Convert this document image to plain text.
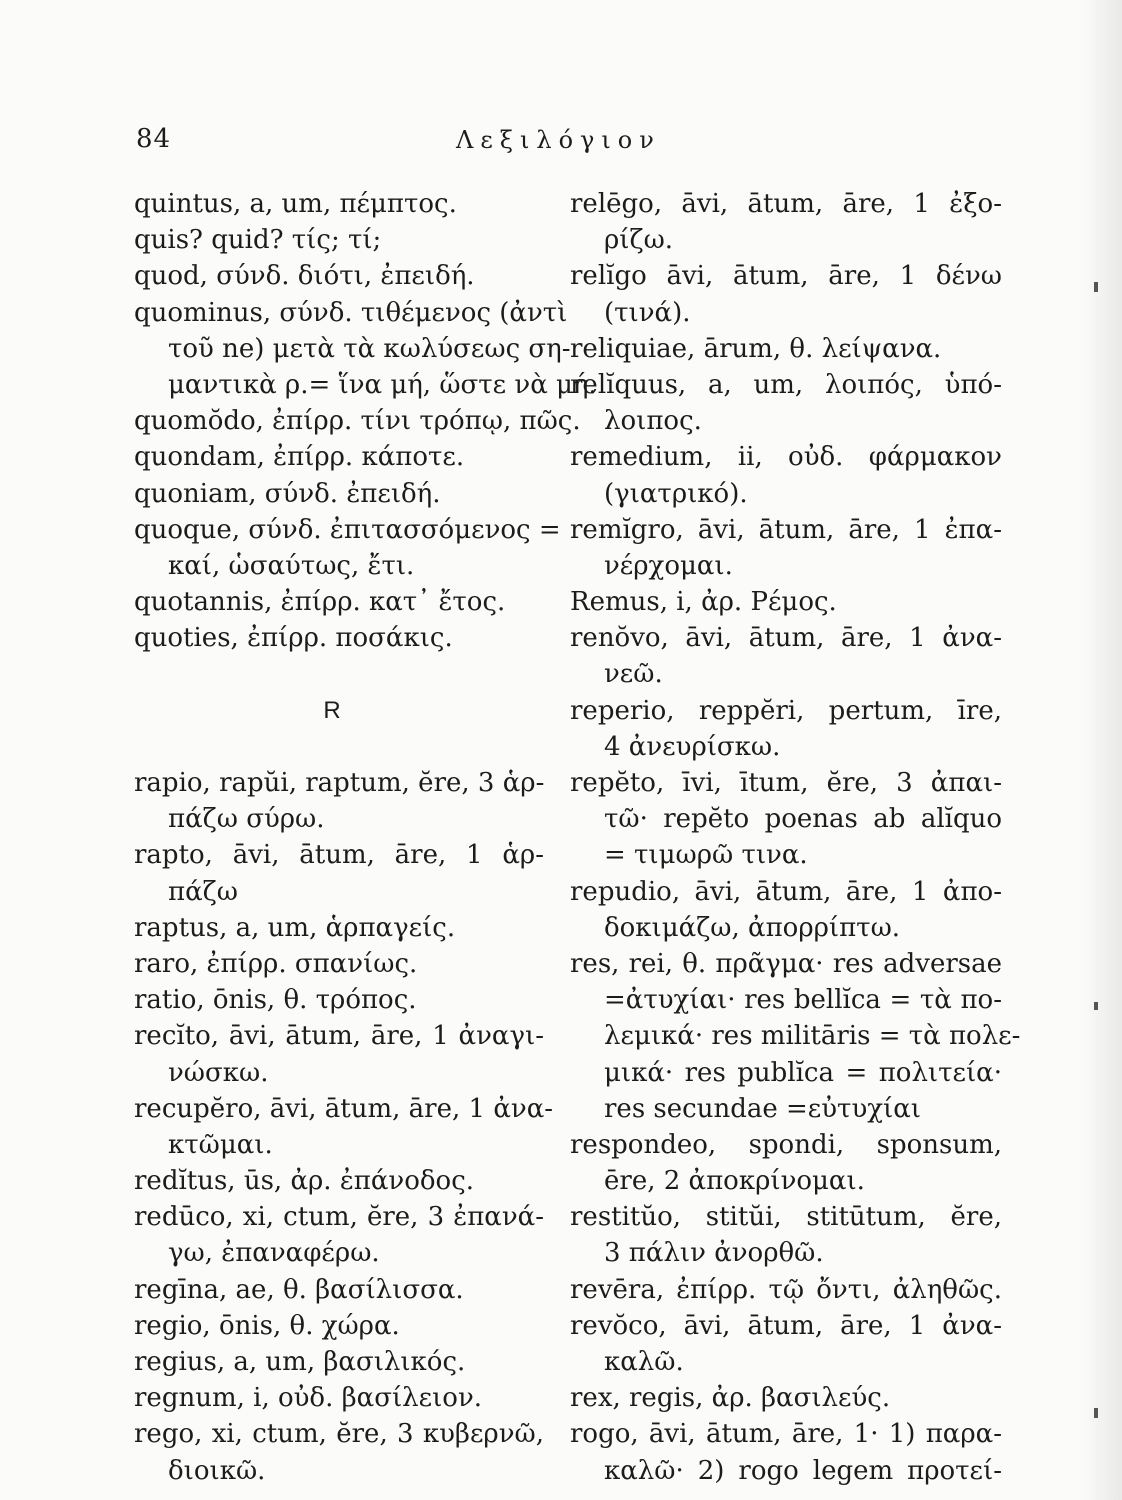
84	Λεξιλόγιον
quintus, a, um, πέμπτος.
quis? quid? τίς; τί;
quod, σύνδ. διότι, ἐπειδή.
quominus, σύνδ. τιθέμενος (ἀντὶ
τοῦ ne) μετὰ τὰ κωλύσεως ση-
μαντικὰ ρ.= ἵνα μή, ὥστε νὰ μή.
quomŏdo, ἐπίρρ. τίνι τρόπῳ, πῶς.
quondam, ἐπίρρ. κάποτε.
quoniam, σύνδ. ἐπειδή.
quoque, σύνδ. ἐπιτασσόμενος =
καί, ὡσαύτως, ἔτι.
quotannis, ἐπίρρ. κατ᾽ ἔτος.
quoties, ἐπίρρ. ποσάκις.
R
rapio, rapŭi, raptum, ĕre, 3 ἁρ-
πάζω σύρω.
rapto, āvi, ātum, āre, 1 ἁρ-
πάζω
raptus, a, um, ἁρπαγείς.
raro, ἐπίρρ. σπανίως.
ratio, ōnis, θ. τρόπος.
recĭto, āvi, ātum, āre, 1 ἀναγι-
νώσκω.
recupĕro, āvi, ātum, āre, 1 ἀνα-
κτῶμαι.
redĭtus, ūs, ἀρ. ἐπάνοδος.
redūco, xi, ctum, ĕre, 3 ἐπανά-
γω, ἐπαναφέρω.
regīna, ae, θ. βασίλισσα.
regio, ōnis, θ. χώρα.
regius, a, um, βασιλικός.
regnum, i, οὐδ. βασίλειον.
rego, xi, ctum, ĕre, 3 κυβερνῶ,
διοικῶ.
relēgo, āvi, ātum, āre, 1 ἐξο-
ρίζω.
relĭgo āvi, ātum, āre, 1 δένω
(τινά).
reliquiae, ārum, θ. λείψανα.
relĭquus, a, um, λοιπός, ὑπό-
λοιπος.
remedium, ii, οὐδ. φάρμακον
(γιατρικό).
remĭgro, āvi, ātum, āre, 1 ἐπα-
νέρχομαι.
Remus, i, ἀρ. Ρέμος.
renŏvo, āvi, ātum, āre, 1 ἀνα-
νεῶ.
reperio, reppĕri, pertum, īre,
4 ἀνευρίσκω.
repĕto, īvi, ītum, ĕre, 3 ἀπαι-
τῶ· repĕto poenas ab alĭquo
= τιμωρῶ τινα.
repudio, āvi, ātum, āre, 1 ἀπο-
δοκιμάζω, ἀπορρίπτω.
res, rei, θ. πρᾶγμα· res adversae
=ἀτυχίαι· res bellĭca = τὰ πο-
λεμικά· res militāris = τὰ πολε-
μικά· res publĭca = πολιτεία·
res secundae =εὐτυχίαι
respondeo, spondi, sponsum,
ēre, 2 ἀποκρίνομαι.
restitŭo, stitŭi, stitūtum, ĕre,
3 πάλιν ἀνορθῶ.
revēra, ἐπίρρ. τῷ ὄντι, ἀληθῶς.
revŏco, āvi, ātum, āre, 1 ἀνα-
καλῶ.
rex, regis, ἀρ. βασιλεύς.
rogo, āvi, ātum, āre, 1· 1) παρα-
καλῶ· 2) rogo legem προτεί-
